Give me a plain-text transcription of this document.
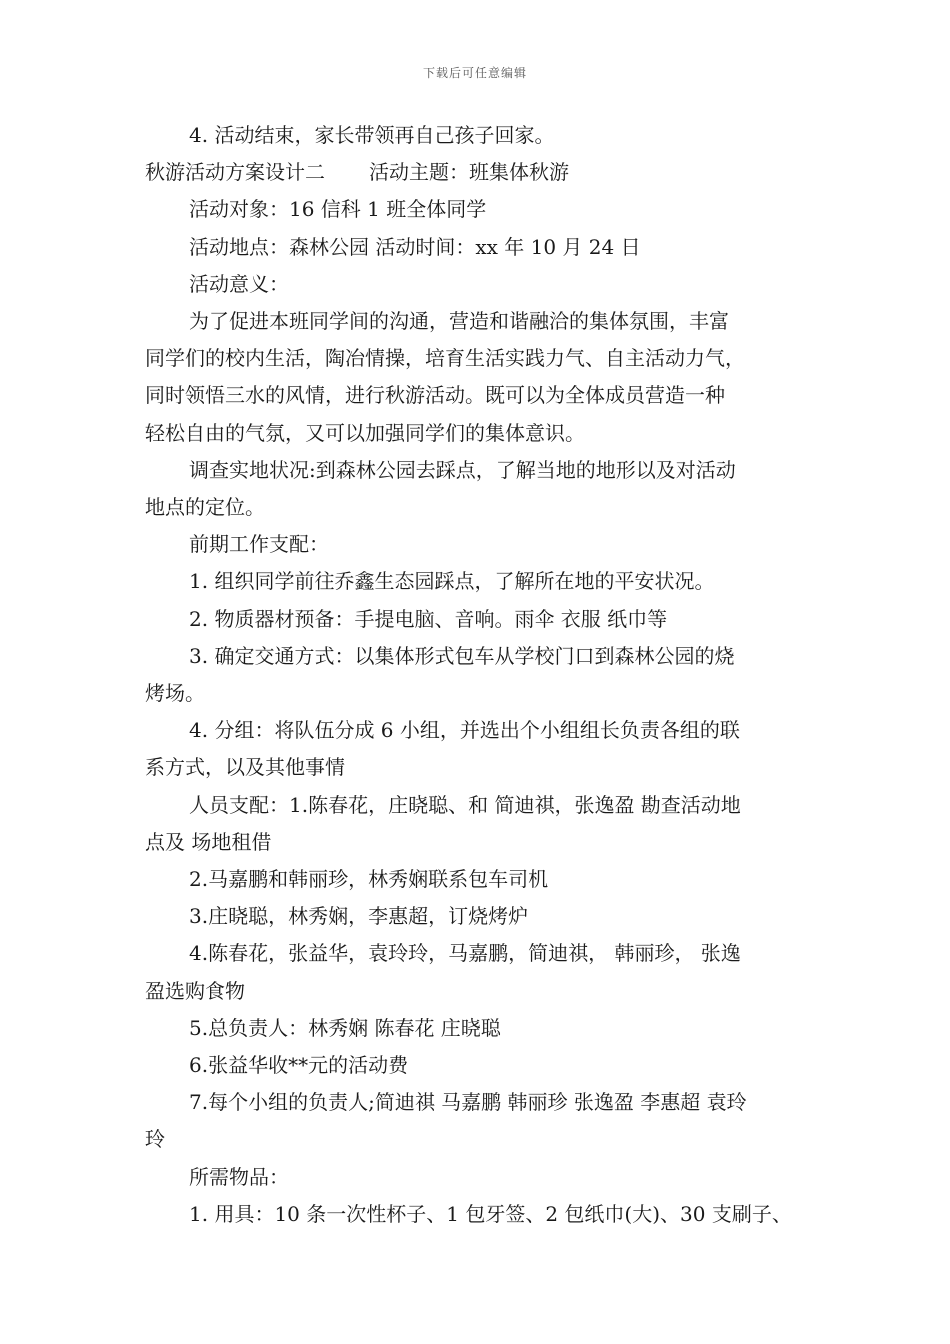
下载后可任意编辑

4. 活动结束，家长带领再自己孩子回家。

秋游活动方案设计二 活动主题：班集体秋游

活动对象：16 信科 1 班全体同学

活动地点：森林公园 活动时间：xx 年 10 月 24 日

活动意义：

为了促进本班同学间的沟通，营造和谐融洽的集体氛围，丰富

同学们的校内生活，陶冶情操，培育生活实践力气、自主活动力气，

同时领悟三水的风情，进行秋游活动。既可以为全体成员营造一种

轻松自由的气氛，又可以加强同学们的集体意识。

调查实地状况:到森林公园去踩点，了解当地的地形以及对活动

地点的定位。

前期工作支配：

1. 组织同学前往乔鑫生态园踩点，了解所在地的平安状况。

2. 物质器材预备：手提电脑、音响。雨伞 衣服 纸巾等

3. 确定交通方式：以集体形式包车从学校门口到森林公园的烧

烤场。

4. 分组：将队伍分成 6 小组，并选出个小组组长负责各组的联

系方式，以及其他事情

人员支配：1.陈春花，庄晓聪、和 简迪祺，张逸盈 勘查活动地

点及 场地租借

2.马嘉鹏和韩丽珍，林秀娴联系包车司机

3.庄晓聪，林秀娴，李惠超，订烧烤炉

4.陈春花，张益华，袁玲玲，马嘉鹏，简迪祺， 韩丽珍， 张逸

盈选购食物

5.总负责人：林秀娴 陈春花 庄晓聪

6.张益华收**元的活动费

7.每个小组的负责人;简迪祺 马嘉鹏 韩丽珍 张逸盈 李惠超 袁玲

玲

所需物品：

1. 用具：10 条一次性杯子、1 包牙签、2 包纸巾(大)、30 支刷子、
